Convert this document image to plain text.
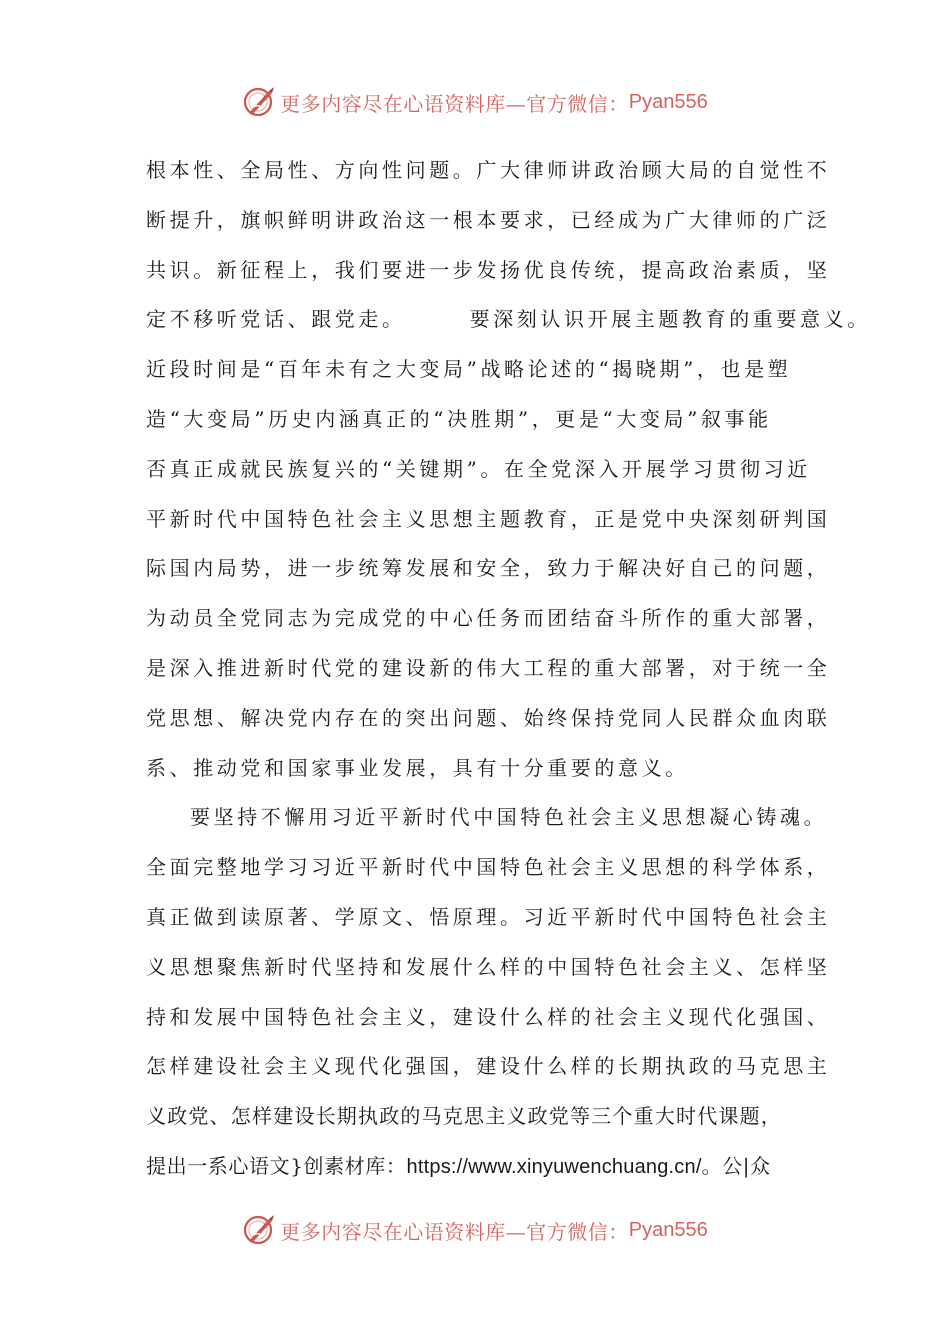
更多内容尽在心语资料库—官方微信： Pyan556
根本性、全局性、方向性问题。广大律师讲政治顾大局的自觉性不
断提升，旗帜鲜明讲政治这一根本要求，已经成为广大律师的广泛
共识。新征程上，我们要进一步发扬优良传统，提高政治素质，坚
定不移听党话、跟党走。	要深刻认识开展主题教育的重要意义。
近段时间是“百年未有之大变局”战略论述的“揭晓期”，也是塑
造“大变局”历史内涵真正的“决胜期”，更是“大变局”叙事能
否真正成就民族复兴的“关键期”。在全党深入开展学习贯彻习近
平新时代中国特色社会主义思想主题教育，正是党中央深刻研判国
际国内局势，进一步统筹发展和安全，致力于解决好自己的问题，
为动员全党同志为完成党的中心任务而团结奋斗所作的重大部署，
是深入推进新时代党的建设新的伟大工程的重大部署，对于统一全
党思想、解决党内存在的突出问题、始终保持党同人民群众血肉联
系、推动党和国家事业发展，具有十分重要的意义。
要坚持不懈用习近平新时代中国特色社会主义思想凝心铸魂。
全面完整地学习习近平新时代中国特色社会主义思想的科学体系，
真正做到读原著、学原文、悟原理。习近平新时代中国特色社会主
义思想聚焦新时代坚持和发展什么样的中国特色社会主义、怎样坚
持和发展中国特色社会主义，建设什么样的社会主义现代化强国、
怎样建设社会主义现代化强国，建设什么样的长期执政的马克思主
义政党、怎样建设长期执政的马克思主义政党等三个重大时代课题，
提出一系心语文}创素材库：https://www.xinyuwenchuang.cn/。公|众
更多内容尽在心语资料库—官方微信： Pyan556
